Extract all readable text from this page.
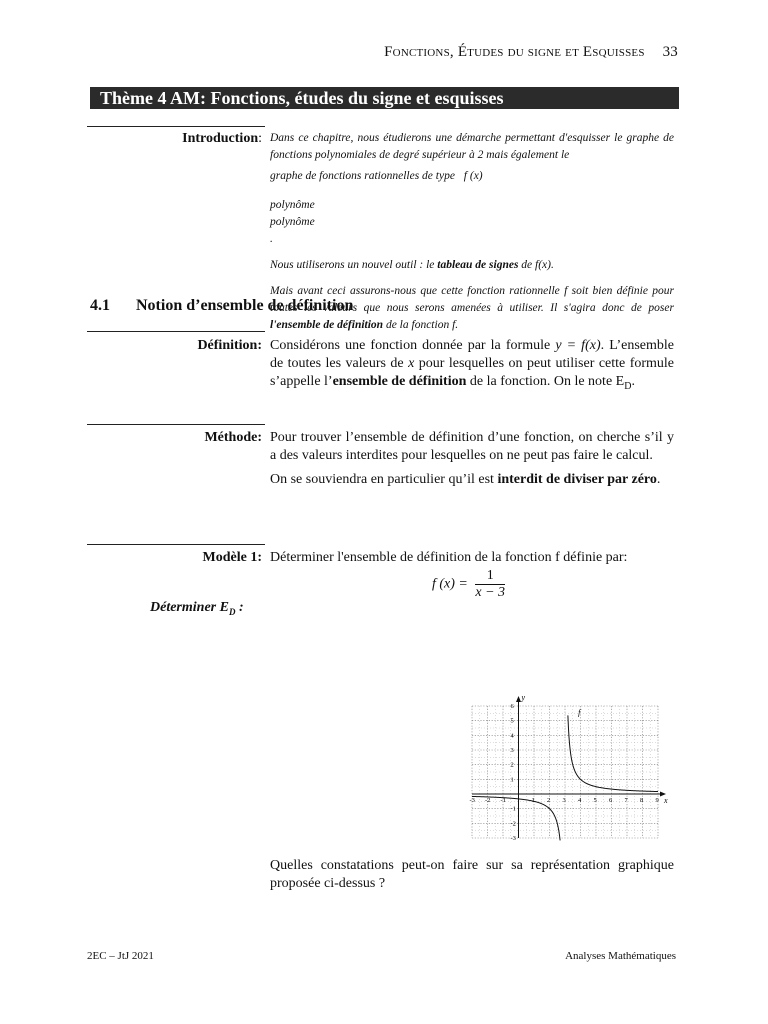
Fonctions, Études du signe et Esquisses 33
Thème 4 AM: Fonctions, études du signe et esquisses
Introduction: Dans ce chapitre, nous étudierons une démarche permettant d'esquisser le graphe de fonctions polynomiales de degré supérieur à 2 mais également le

graphe de fonctions rationnelles de type f (x)

polynôme
polynôme
.

Nous utiliserons un nouvel outil : le tableau de signes de f(x).

Mais avant ceci assurons-nous que cette fonction rationnelle f soit bien définie pour toutes les valeurs que nous serons amenées à utiliser. Il s'agira donc de poser l'ensemble de définition de la fonction f.

4.1 Notion d’ensemble de définition
Définition: Considérons une fonction donnée par la formule y = f(x). L’ensemble de toutes les valeurs de x pour lesquelles on peut utiliser cette formule s’appelle l’ensemble de définition de la fonction. On le note $E_D$.
Méthode: Pour trouver l’ensemble de définition d’une fonction, on cherche s’il y a des valeurs interdites pour lesquelles on ne peut pas faire le calcul.

On se souviendra en particulier qu’il est interdit de diviser par zéro.

Modèle 1: Déterminer l'ensemble de définition de la fonction f définie par:
f $(x) = \frac{1}{x - 3}$
Déterminer $E_D$ :
x
y
-3 -2 -1	1 2 3 4 5 6 7 8 9
-3
-2
-1
1
2
3
4
5
6
f
Quelles constatations peut-on faire sur sa représentation graphique proposée ci-dessus ?
2EC – JtJ 2021	Analyses Mathématiques
